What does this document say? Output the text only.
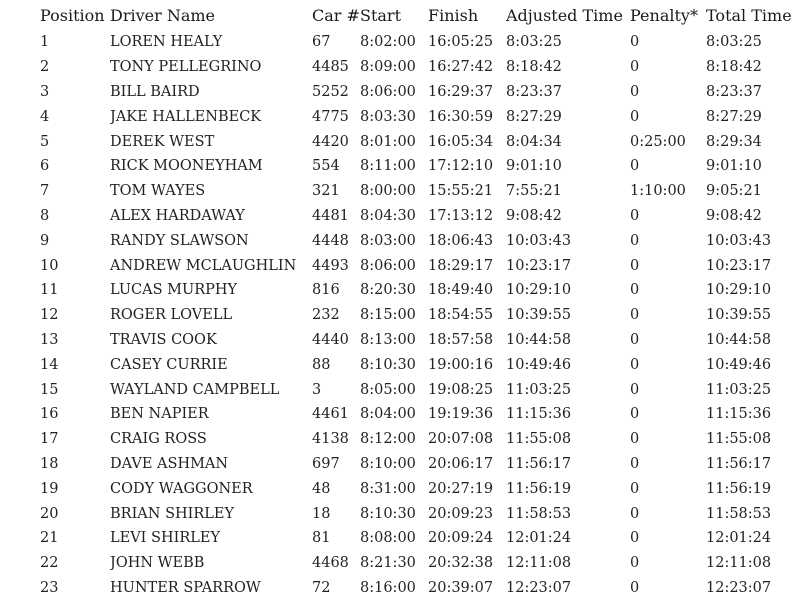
Position	Driver Name	Car #	Start	Finish	Adjusted Time	Penalty*	Total Time
1	LOREN HEALY	67	8:02:00	16:05:25	8:03:25	0	8:03:25
2	TONY PELLEGRINO	4485	8:09:00	16:27:42	8:18:42	0	8:18:42
3	BILL BAIRD	5252	8:06:00	16:29:37	8:23:37	0	8:23:37
4	JAKE HALLENBECK	4775	8:03:30	16:30:59	8:27:29	0	8:27:29
5	DEREK WEST	4420	8:01:00	16:05:34	8:04:34	0:25:00	8:29:34
6	RICK MOONEYHAM	554	8:11:00	17:12:10	9:01:10	0	9:01:10
7	TOM WAYES	321	8:00:00	15:55:21	7:55:21	1:10:00	9:05:21
8	ALEX HARDAWAY	4481	8:04:30	17:13:12	9:08:42	0	9:08:42
9	RANDY SLAWSON	4448	8:03:00	18:06:43	10:03:43	0	10:03:43
10	ANDREW MCLAUGHLIN	4493	8:06:00	18:29:17	10:23:17	0	10:23:17
11	LUCAS MURPHY	816	8:20:30	18:49:40	10:29:10	0	10:29:10
12	ROGER LOVELL	232	8:15:00	18:54:55	10:39:55	0	10:39:55
13	TRAVIS COOK	4440	8:13:00	18:57:58	10:44:58	0	10:44:58
14	CASEY CURRIE	88	8:10:30	19:00:16	10:49:46	0	10:49:46
15	WAYLAND CAMPBELL	3	8:05:00	19:08:25	11:03:25	0	11:03:25
16	BEN NAPIER	4461	8:04:00	19:19:36	11:15:36	0	11:15:36
17	CRAIG ROSS	4138	8:12:00	20:07:08	11:55:08	0	11:55:08
18	DAVE ASHMAN	697	8:10:00	20:06:17	11:56:17	0	11:56:17
19	CODY WAGGONER	48	8:31:00	20:27:19	11:56:19	0	11:56:19
20	BRIAN SHIRLEY	18	8:10:30	20:09:23	11:58:53	0	11:58:53
21	LEVI SHIRLEY	81	8:08:00	20:09:24	12:01:24	0	12:01:24
22	JOHN WEBB	4468	8:21:30	20:32:38	12:11:08	0	12:11:08
23	HUNTER SPARROW	72	8:16:00	20:39:07	12:23:07	0	12:23:07
